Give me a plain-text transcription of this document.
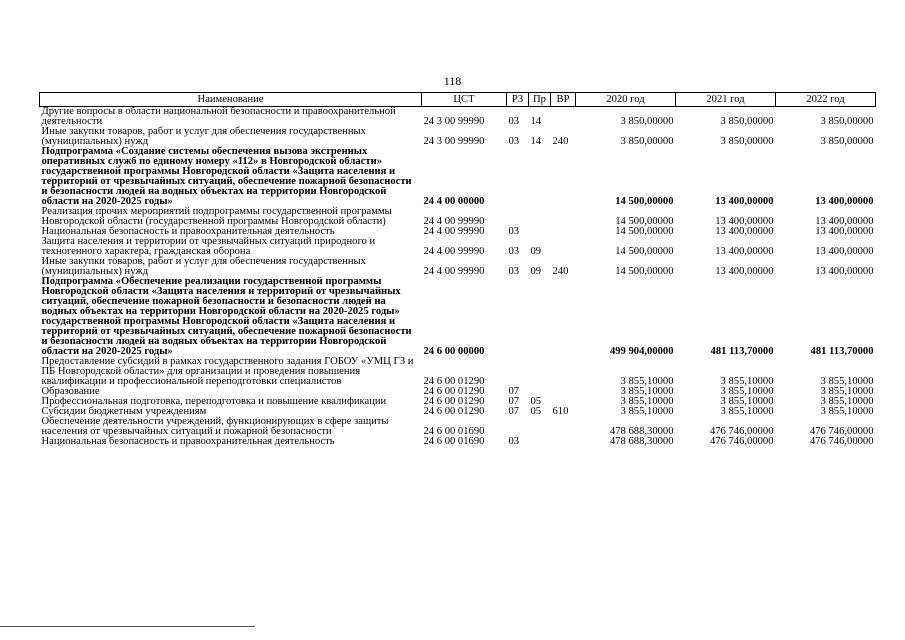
118
Наименование	ЦСТ	РЗ	Пр	ВР	2020 год	2021 год	2022 год
Другие вопросы в области национальной безопасности и правоохранительной деятельности	24 3 00 99990	03	14		3 850,00000	3 850,00000	3 850,00000
Иные закупки товаров, работ и услуг для обеспечения государственных (муниципальных) нужд	24 3 00 99990	03	14	240	3 850,00000	3 850,00000	3 850,00000
Подпрограмма «Создание системы обеспечения вызова экстренных оперативных служб по единому номеру «112» в Новгородской области» государственной программы Новгородской области «Защита населения и территорий от чрезвычайных ситуаций, обеспечение пожарной безопасности и безопасности людей на водных объектах на территории Новгородской области на 2020-2025 годы»	24 4 00 00000				14 500,00000	13 400,00000	13 400,00000
Реализация прочих мероприятий подпрограммы государственной программы Новгородской области (государственной программы Новгородской области)	24 4 00 99990				14 500,00000	13 400,00000	13 400,00000
Национальная безопасность и правоохранительная деятельность	24 4 00 99990	03			14 500,00000	13 400,00000	13 400,00000
Защита населения и территории от чрезвычайных ситуаций природного и техногенного характера, гражданская оборона	24 4 00 99990	03	09		14 500,00000	13 400,00000	13 400,00000
Иные закупки товаров, работ и услуг для обеспечения государственных (муниципальных) нужд	24 4 00 99990	03	09	240	14 500,00000	13 400,00000	13 400,00000
Подпрограмма «Обеспечение реализации государственной программы Новгородской области «Защита населения и территорий от чрезвычайных ситуаций, обеспечение пожарной безопасности и безопасности людей на водных объектах на территории Новгородской области на 2020-2025 годы» государственной программы Новгородской области «Защита населения и территорий от чрезвычайных ситуаций, обеспечение пожарной безопасности и безопасности людей на водных объектах на территории Новгородской области на 2020-2025 годы»	24 6 00 00000				499 904,00000	481 113,70000	481 113,70000
Предоставление субсидий в рамках государственного задания ГОБОУ «УМЦ ГЗ и ПБ Новгородской области» для организации и проведения повышения квалификации и профессиональной переподготовки специалистов	24 6 00 01290				3 855,10000	3 855,10000	3 855,10000
Образование	24 6 00 01290	07			3 855,10000	3 855,10000	3 855,10000
Профессиональная подготовка, переподготовка и повышение квалификации	24 6 00 01290	07	05		3 855,10000	3 855,10000	3 855,10000
Субсидии бюджетным учреждениям	24 6 00 01290	07	05	610	3 855,10000	3 855,10000	3 855,10000
Обеспечение деятельности учреждений, функционирующих в сфере защиты населения от чрезвычайных ситуаций и пожарной безопасности	24 6 00 01690				478 688,30000	476 746,00000	476 746,00000
Национальная безопасность и правоохранительная деятельность	24 6 00 01690	03			478 688,30000	476 746,00000	476 746,00000
